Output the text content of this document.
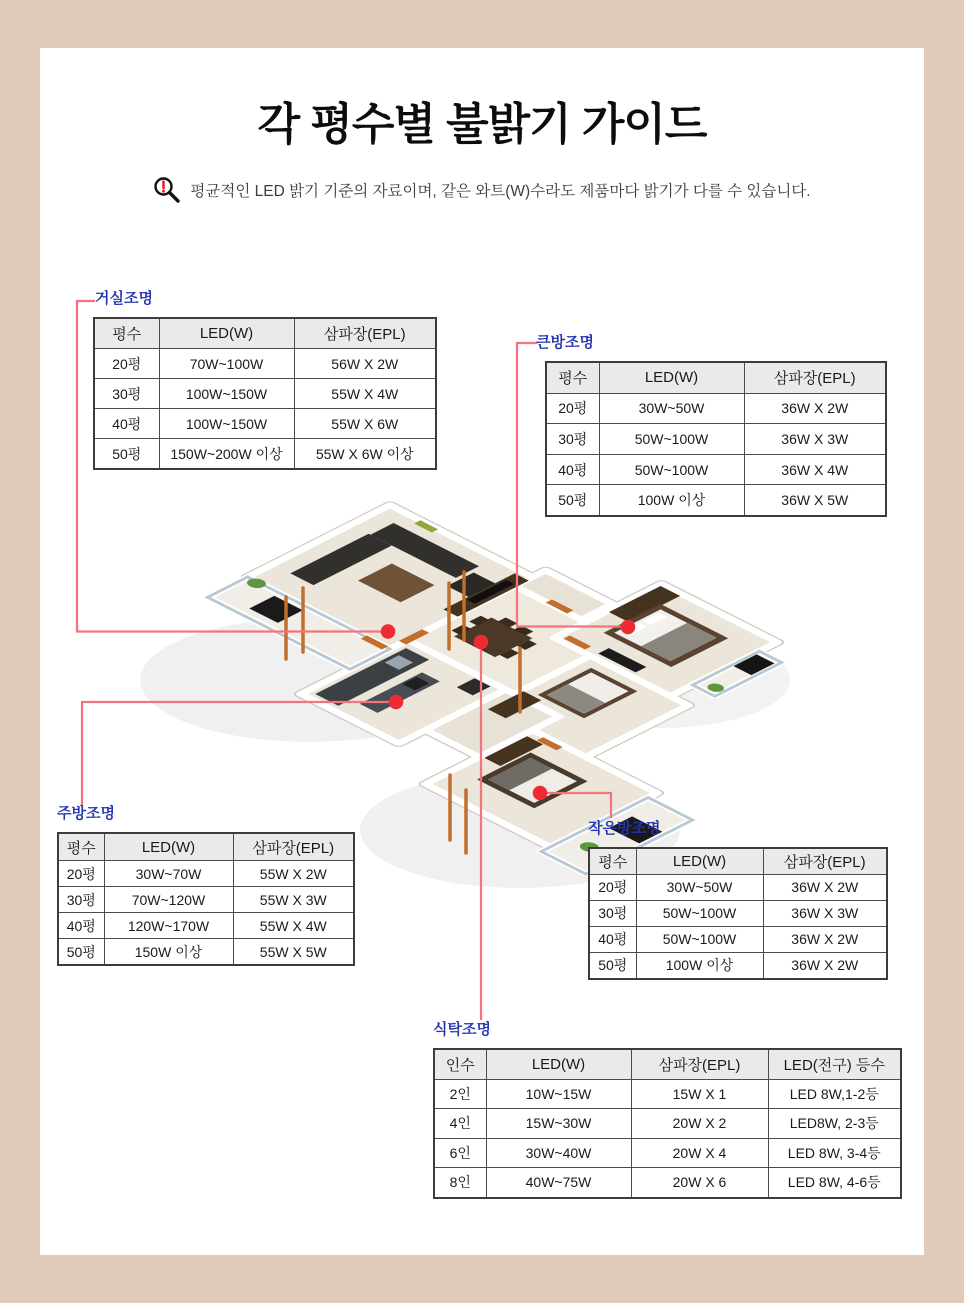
각 평수별 불밝기 가이드
평균적인 LED 밝기 기준의 자료이며, 같은 와트(W)수라도 제품마다 밝기가 다를 수 있습니다.
거실조명
평수	LED(W)	삼파장(EPL)
20평	70W~100W	56W X 2W
30평	100W~150W	55W X 4W
40평	100W~150W	55W X 6W
50평	150W~200W 이상	55W X 6W 이상
큰방조명
평수	LED(W)	삼파장(EPL)
20평	30W~50W	36W X 2W
30평	50W~100W	36W X 3W
40평	50W~100W	36W X 4W
50평	100W 이상	36W X 5W
주방조명
평수	LED(W)	삼파장(EPL)
20평	30W~70W	55W X 2W
30평	70W~120W	55W X 3W
40평	120W~170W	55W X 4W
50평	150W 이상	55W X 5W
작은방조명
평수	LED(W)	삼파장(EPL)
20평	30W~50W	36W X 2W
30평	50W~100W	36W X 3W
40평	50W~100W	36W X 2W
50평	100W 이상	36W X 2W
식탁조명
인수	LED(W)	삼파장(EPL)	LED(전구) 등수
2인	10W~15W	15W X 1	LED 8W,1-2등
4인	15W~30W	20W X 2	LED8W, 2-3등
6인	30W~40W	20W X 4	LED 8W, 3-4등
8인	40W~75W	20W X 6	LED 8W, 4-6등
